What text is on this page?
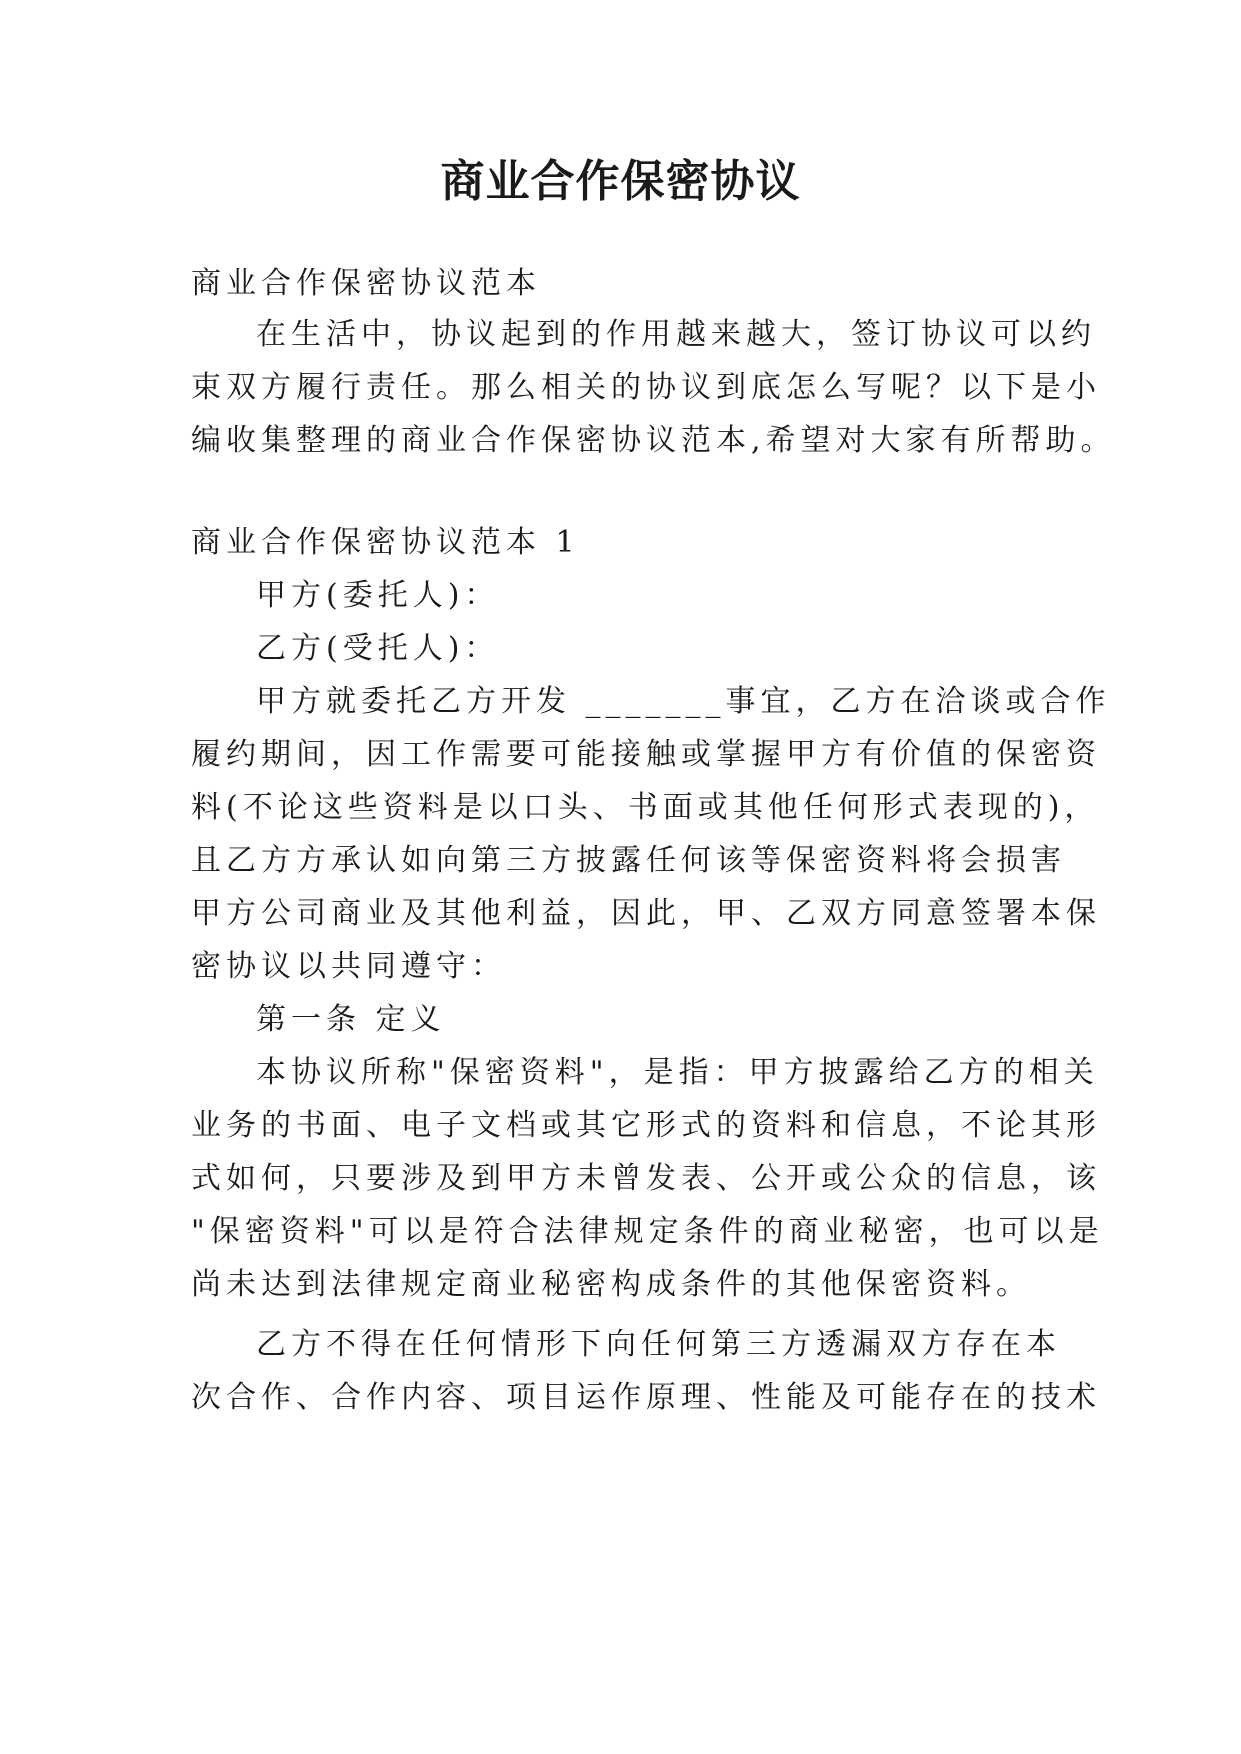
商业合作保密协议
商业合作保密协议范本
在生活中，协议起到的作用越来越大，签订协议可以约
束双方履行责任。那么相关的协议到底怎么写呢？以下是小
编收集整理的商业合作保密协议范本,希望对大家有所帮助。
商业合作保密协议范本 1
甲方(委托人)：
乙方(受托人)：
甲方就委托乙方开发 _______事宜，乙方在洽谈或合作
履约期间，因工作需要可能接触或掌握甲方有价值的保密资
料(不论这些资料是以口头、书面或其他任何形式表现的)，
且乙方方承认如向第三方披露任何该等保密资料将会损害
甲方公司商业及其他利益，因此，甲、乙双方同意签署本保
密协议以共同遵守：
第一条 定义
本协议所称"保密资料"，是指：甲方披露给乙方的相关
业务的书面、电子文档或其它形式的资料和信息，不论其形
式如何，只要涉及到甲方未曾发表、公开或公众的信息，该
"保密资料"可以是符合法律规定条件的商业秘密，也可以是
尚未达到法律规定商业秘密构成条件的其他保密资料。
乙方不得在任何情形下向任何第三方透漏双方存在本
次合作、合作内容、项目运作原理、性能及可能存在的技术
